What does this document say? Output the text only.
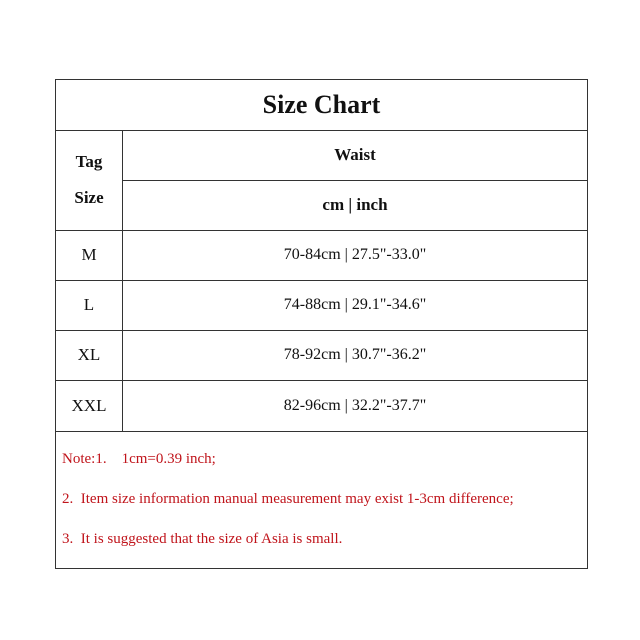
Size Chart
Tag
Size
Waist
cm | inch
M	70-84cm | 27.5"-33.0"
L	74-88cm | 29.1"-34.6"
XL	78-92cm | 30.7"-36.2"
XXL	82-96cm | 32.2"-37.7"
Note:1.    1cm=0.39 inch;
2.  Item size information manual measurement may exist 1-3cm difference;
3.  It is suggested that the size of Asia is small.
